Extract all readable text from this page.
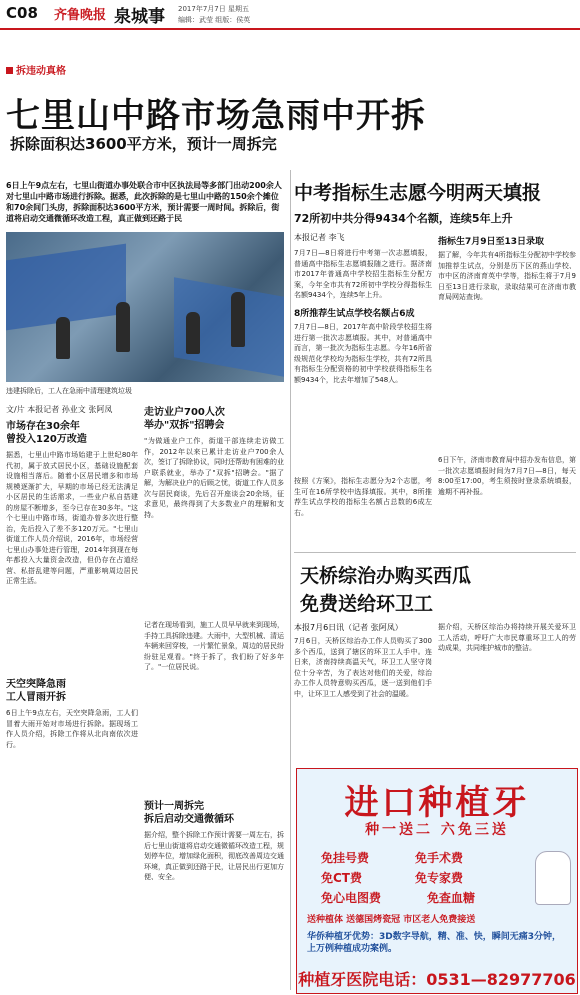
C08 齐鲁晚报 泉城事 2017年7月7日 星期五
编辑：武莹 组版：侯英
拆违动真格
七里山中路市场急雨中开拆
拆除面积达3600平方米，预计一周拆完
6日上午9点左右，七里山街道办事处联合市中区执法局等多部门出动200余人对七里山中路市场进行拆除。据悉，此次拆除的是七里山中路的150余个摊位和70余间门头房，拆除面积达3600平方米，预计需要一周时间。拆除后，街道将启动交通微循环改造工程，真正做到还路于民
违建拆除后，工人在急雨中清理建筑垃圾
文/片 本报记者 孙业文 张阿凤
市场存在30余年
曾投入120万改造
据悉，七里山中路市场始建于上世纪80年代初，属于放式居民小区，基础设施配套设施相当落后。随着小区居民增多和市场规模逐渐扩大，早期的市场已经无法满足小区居民的生活需求，一些业户私自搭建的房屋不断增多，至今已存在30多年。"这个七里山中路市场，街道办曾多次进行整治，先后投入了差不多120万元。"七里山街道工作人员介绍说，2016年，市场经营七里山办事处进行管理，2014年到现在每年都投入大量资金改造，但仍存在占道经营、私搭乱建等问题，严重影响周边居民正常生活。
天空突降急雨
工人冒雨开拆
6日上午9点左右，天空突降急雨，工人们冒着大雨开始对市场进行拆除。据现场工作人员介绍，拆除工作将从北向南依次进行。
走访业户700人次
举办"双拆"招聘会
"为做通业户工作，街道干部连续走访做工作，2012年以来已累计走访业户700余人次，签订了拆除协议，同时还帮助有困难的业户联系就业，举办了"双拆"招聘会。"据了解，为解决业户的后顾之忧，街道工作人员多次与居民商谈，先后召开座谈会20余场，征求意见，最终得到了大多数业户的理解和支持。
记者在现场看到，施工人员早早就来到现场，手持工具拆除违建。大雨中，大型机械、清运车辆来回穿梭，一片繁忙景象，周边的居民纷纷驻足观看。"终于拆了，我们盼了好多年了。"一位居民说。
预计一周拆完
拆后启动交通微循环
据介绍，整个拆除工作预计需要一周左右，拆后七里山街道将启动交通微循环改造工程，规划停车位，增加绿化面积，彻底改善周边交通环境，真正做到还路于民，让居民出行更加方便、安全。
中考指标生志愿今明两天填报
72所初中共分得9434个名额，连续5年上升
本报记者 李飞
7月7日—8日将进行中考第一次志愿填报，普通高中指标生志愿填报随之进行。据济南市2017年普通高中学校招生指标生分配方案，今年全市共有72所初中学校分得指标生名额9434个，连续5年上升。
8所推荐生试点学校名额占6成
7月7日—8日，2017年高中阶段学校招生将进行第一批次志愿填报。其中，对普通高中而言，第一批次为指标生志愿。今年16所省级规范化学校均为指标生学校，共有72所具有指标生分配资格的初中学校获得指标生名额9434个，比去年增加了548人。
按照《方案》，指标生志愿分为2个志愿，考生可在16所学校中选择填报。其中，8所推荐生试点学校的指标生名额占总数的6成左右。
指标生7月9日至13日录取
据了解，今年共有4所指标生分配初中学校参加推荐生试点，分别是历下区的燕山学校、市中区的济南育英中学等，指标生将于7月9日至13日进行录取，录取结果可在济南市教育局网站查询。
6日下午，济南市教育局中招办发布信息，第一批次志愿填报时间为7月7日—8日，每天8:00至17:00，考生须按时登录系统填报，逾期不再补报。
天桥综治办购买西瓜
免费送给环卫工
本报7月6日讯（记者 张阿凤）
7月6日，天桥区综治办工作人员购买了300多个西瓜，送到了辖区的环卫工人手中。连日来，济南持续高温天气，环卫工人坚守岗位十分辛苦，为了表达对他们的关爱，综治办工作人员特意购买西瓜，逐一送到他们手中，让环卫工人感受到了社会的温暖。
据介绍，天桥区综治办将持续开展关爱环卫工人活动，呼吁广大市民尊重环卫工人的劳动成果，共同维护城市的整洁。
进口种植牙
种一送二 六免三送
免挂号费	免手术费
免CT费	免专家费
免心电图费	免查血糖
送种植体 送德国烤瓷冠 市区老人免费接送
华侨种植牙优势：3D数字导航，精、准、快，瞬间无痛3分钟，上万例种植成功案例。
种植牙医院电话：0531—82977706
